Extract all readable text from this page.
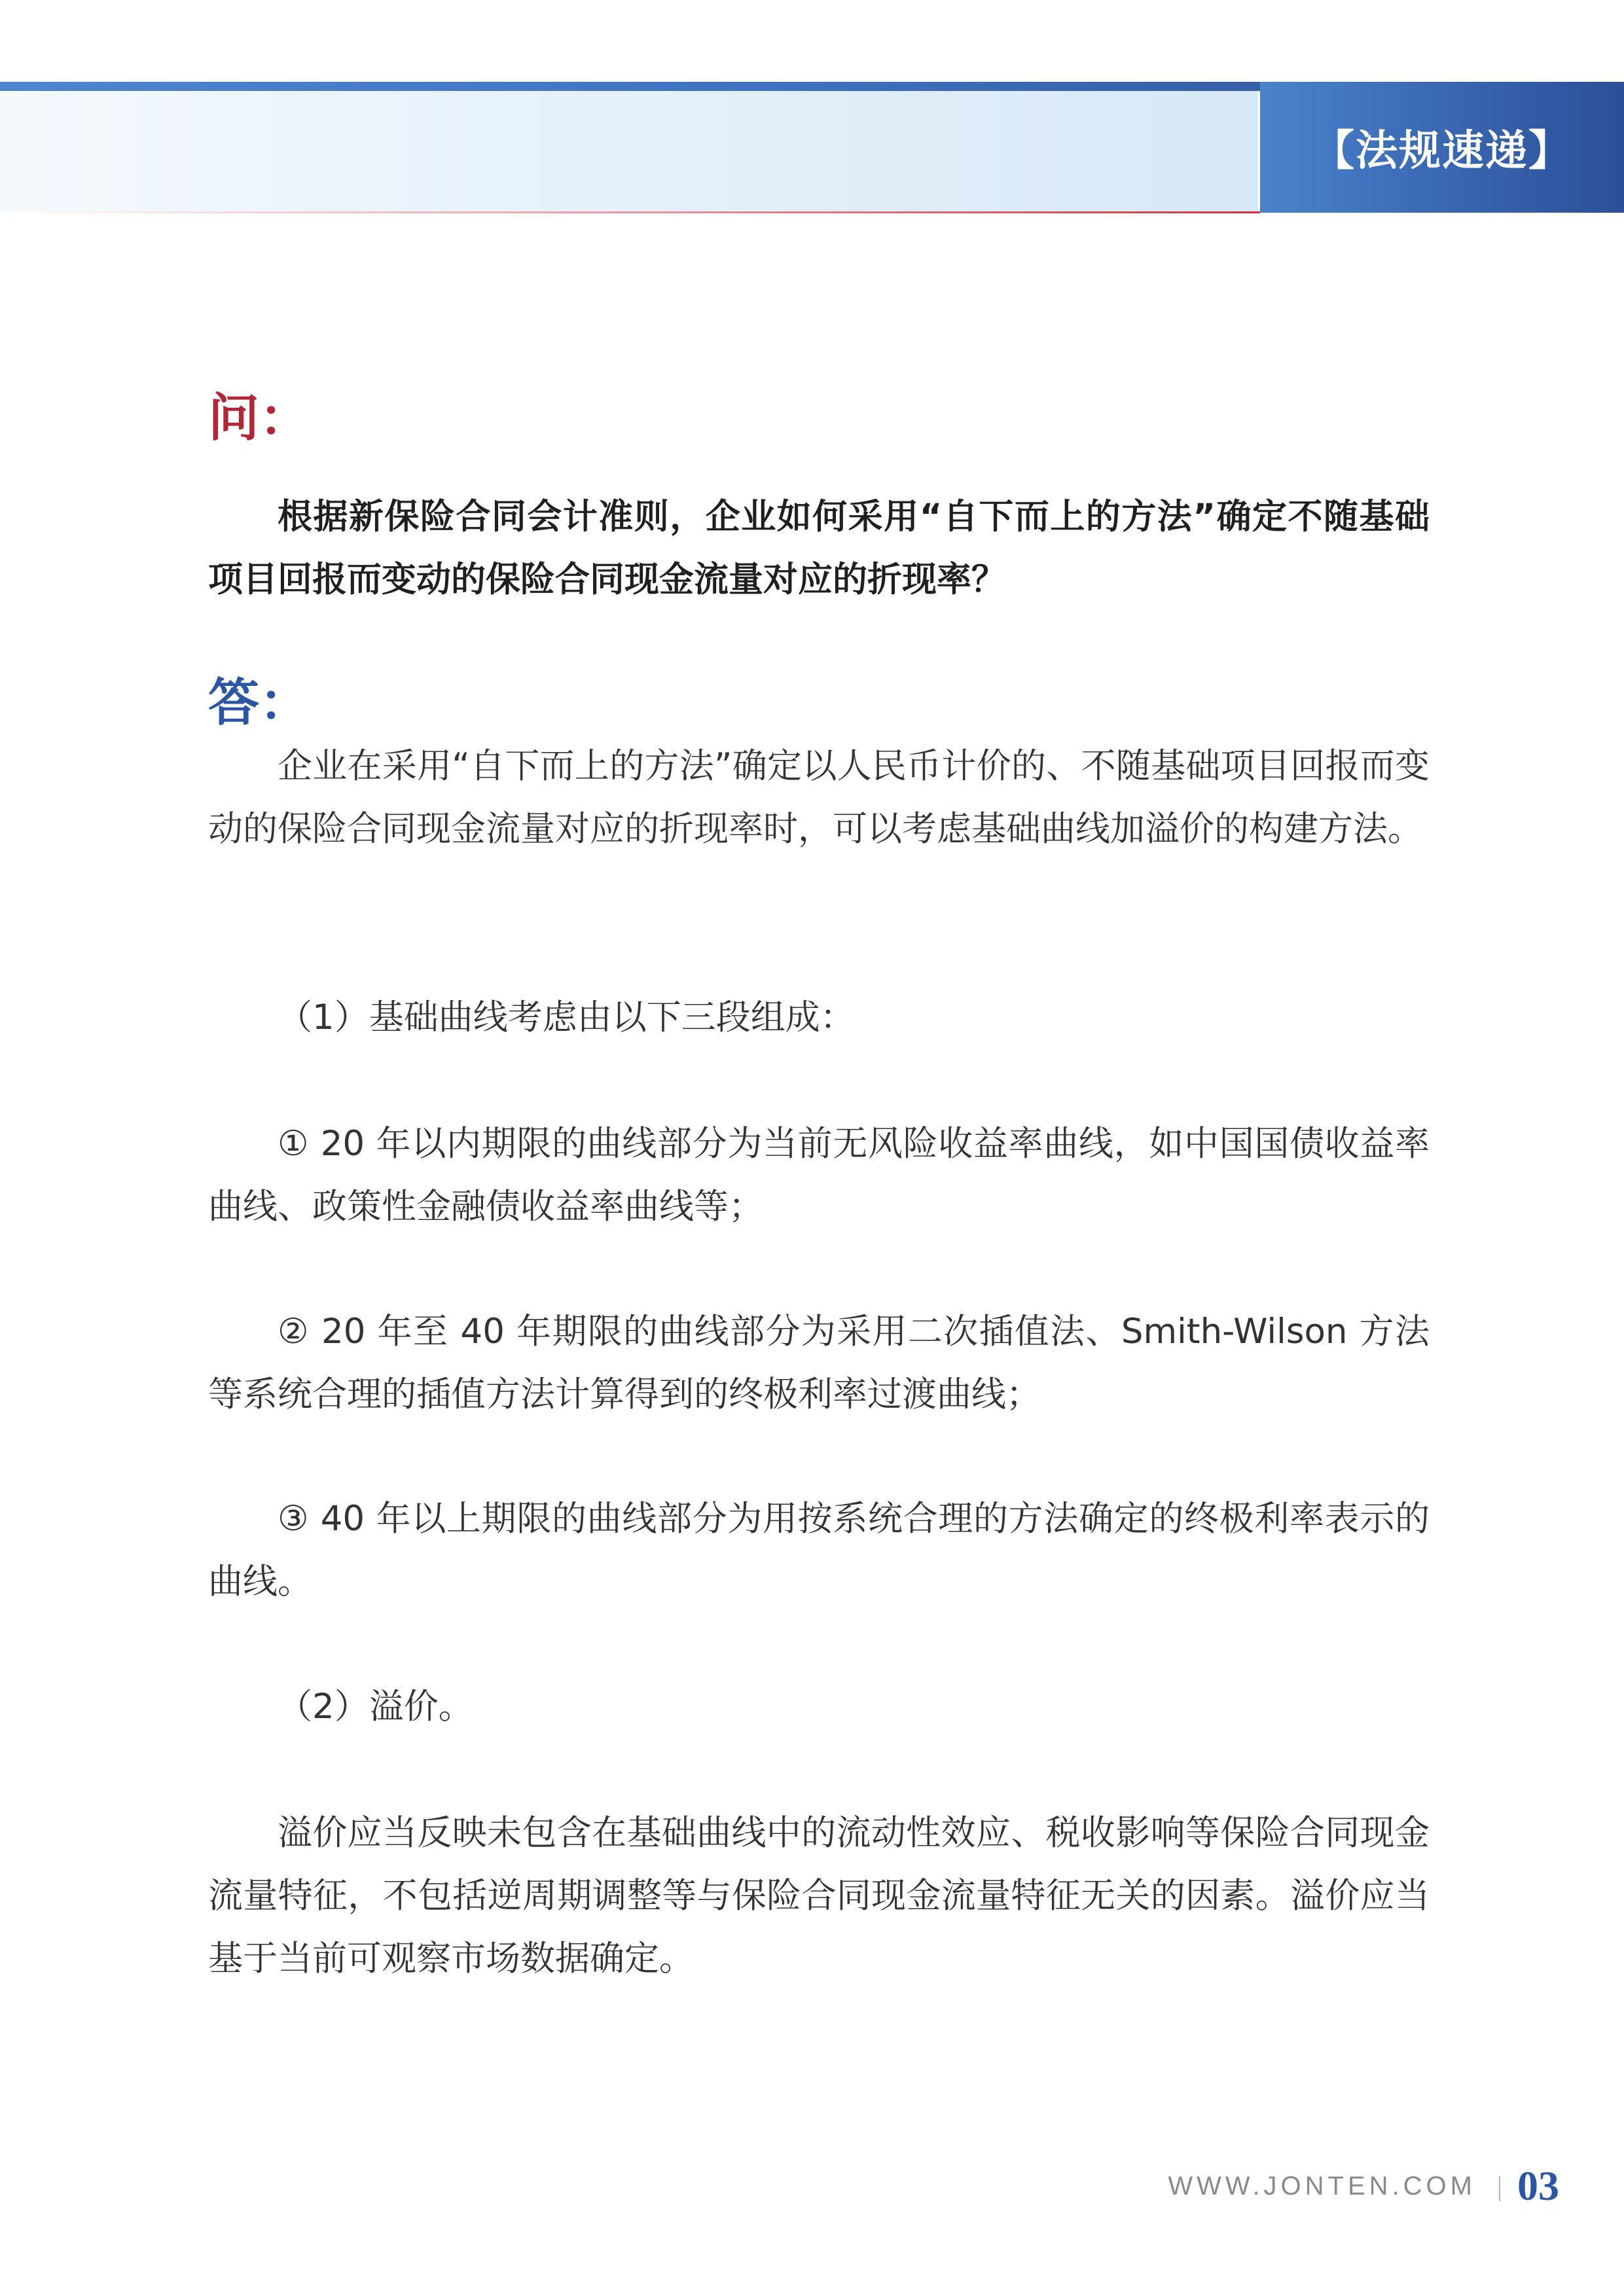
【法规速递】
问：

根据新保险合同会计准则，企业如何采用“自下而上的方法”确定不随基础项目回报而变动的保险合同现金流量对应的折现率？

答：

企业在采用“自下而上的方法”确定以人民币计价的、不随基础项目回报而变动的保险合同现金流量对应的折现率时，可以考虑基础曲线加溢价的构建方法。

（1）基础曲线考虑由以下三段组成：

① 20 年以内期限的曲线部分为当前无风险收益率曲线，如中国国债收益率曲线、政策性金融债收益率曲线等；

② 20 年至 40 年期限的曲线部分为采用二次插值法、Smith-Wilson 方法等系统合理的插值方法计算得到的终极利率过渡曲线；

③ 40 年以上期限的曲线部分为用按系统合理的方法确定的终极利率表示的曲线。

（2）溢价。

溢价应当反映未包含在基础曲线中的流动性效应、税收影响等保险合同现金流量特征，不包括逆周期调整等与保险合同现金流量特征无关的因素。溢价应当基于当前可观察市场数据确定。

WWW.JONTEN.COM 03
